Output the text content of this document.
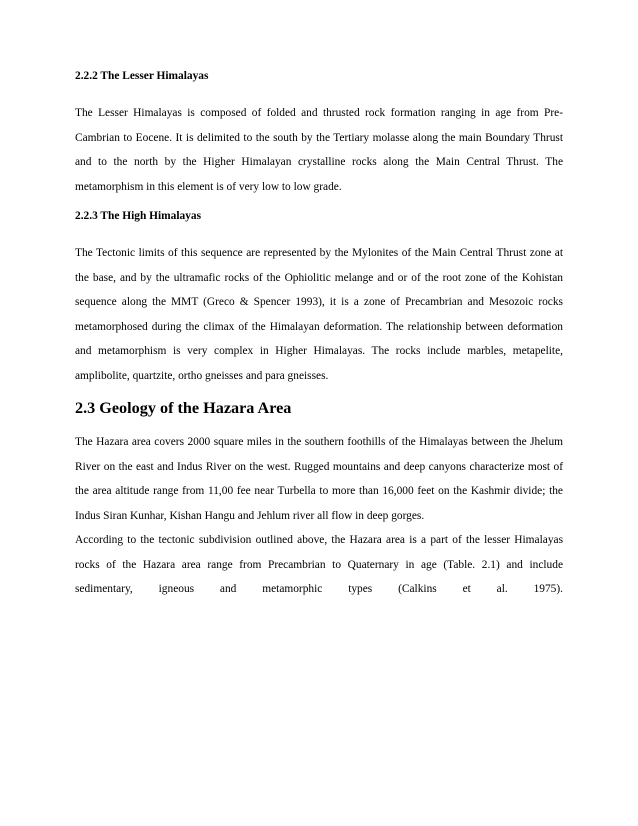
2.2.2 The Lesser Himalayas

The Lesser Himalayas is composed of folded and thrusted rock formation ranging in age from Pre-Cambrian to Eocene. It is delimited to the south by the Tertiary molasse along the main Boundary Thrust and to the north by the Higher Himalayan crystalline rocks along the Main Central Thrust. The metamorphism in this element is of very low to low grade.

2.2.3 The High Himalayas

The Tectonic limits of this sequence are represented by the Mylonites of the Main Central Thrust zone at the base, and by the ultramafic rocks of the Ophiolitic melange and or of the root zone of the Kohistan sequence along the MMT (Greco & Spencer 1993), it is a zone of Precambrian and Mesozoic rocks metamorphosed during the climax of the Himalayan deformation. The relationship between deformation and metamorphism is very complex in Higher Himalayas. The rocks include marbles, metapelite, amplibolite, quartzite, ortho gneisses and para gneisses.

2.3 Geology of the Hazara Area

The Hazara area covers 2000 square miles in the southern foothills of the Himalayas between the Jhelum River on the east and Indus River on the west. Rugged mountains and deep canyons characterize most of the area altitude range from 11,00 fee near Turbella to more than 16,000 feet on the Kashmir divide; the Indus Siran Kunhar, Kishan Hangu and Jehlum river all flow in deep gorges.

According to the tectonic subdivision outlined above, the Hazara area is a part of the lesser Himalayas rocks of the Hazara area range from Precambrian to Quaternary in age (Table. 2.1) and include sedimentary, igneous and metamorphic types (Calkins et al. 1975).
